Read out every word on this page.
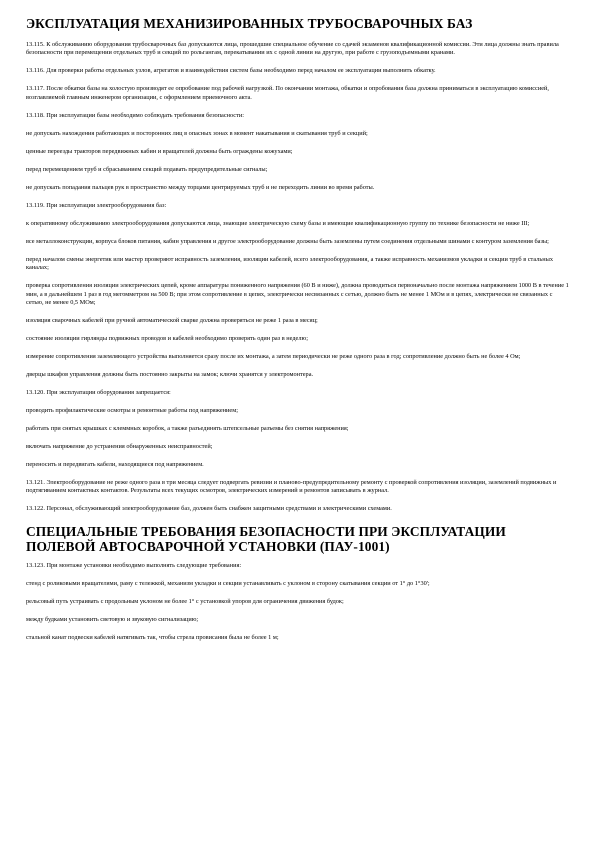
ЭКСПЛУАТАЦИЯ МЕХАНИЗИРОВАННЫХ ТРУБОСВАРОЧНЫХ БАЗ

13.115. К обслуживанию оборудования трубосварочных баз допускаются лица, прошедшие специальное обучение со сдачей экзаменов квалификационной комиссии. Эти лица должны знать правила безопасности при перемещении отдельных труб и секций по рольгангам, перекатывании их с одной линии на другую, при работе с грузоподъемными кранами.

13.116. Для проверки работы отдельных узлов, агрегатов и взаимодействия систем базы необходимо перед началом ее эксплуатации выполнить обкатку.

13.117. После обкатки базы на холостую производят ее опробование под рабочей нагрузкой. По окончании монтажа, обкатки и опробования база должна приниматься в эксплуатацию комиссией, возглавляемой главным инженером организации, с оформлением приемочного акта.

13.118. При эксплуатации базы необходимо соблюдать требования безопасности:

не допускать нахождения работающих и посторонних лиц в опасных зонах в момент накатывания и скатывания труб и секций;

ценные переезды тракторов передвижных кабин и вращателей должны быть ограждены кожухами;

перед перемещением труб и сбрасыванием секций подавать предупредительные сигналы;

не допускать попадания пальцев рук в пространство между торцами центрируемых труб и не переходить линии во время работы.

13.119. При эксплуатации электрооборудования баз:

к оперативному обслуживанию электрооборудования допускаются лица, знающие электрическую схему базы и имеющие квалификационную группу по технике безопасности не ниже III;

все металлоконструкции, корпуса блоков питания, кабин управления и другое электрооборудование должны быть заземлены путем соединения отдельными шинами с контуром заземления базы;

перед началом смены энергетик или мастер проверяют исправность заземления, изоляции кабелей, всего электрооборудования, а также исправность механизмов укладки и секции труб в стальных каналах;

проверка сопротивления изоляции электрических цепей, кроме аппаратуры пониженного напряжения (60 В и ниже), должна проводиться первоначально после монтажа напряжением 1000 В в течение 1 мин, а в дальнейшем 1 раз в год мегомметром на 500 В; при этом сопротивление в цепях, электрически несвязанных с сетью, должно быть не менее 1 МОм и в цепях, электрически не связанных с сетью, не менее 0,5 МОм;

изоляция сварочных кабелей при ручной автоматической сварке должна проверяться не реже 1 раза в месяц;

состояние изоляции гирлянды подвижных проводов и кабелей необходимо проверять один раз в неделю;

измерение сопротивления заземляющего устройства выполняется сразу после их монтажа, а затем периодически не реже одного раза в год; сопротивление должно быть не более 4 Ом;

дверцы шкафов управления должны быть постоянно закрыты на замок; ключи хранятся у электромонтера.

13.120. При эксплуатации оборудования запрещается:

проводить профилактические осмотры и ремонтные работы под напряжением;

работать при снятых крышках с клеммных коробок, а также разъединять штепсельные разъемы без снятия напряжения;

включать напряжение до устранения обнаруженных неисправностей;

переносить и передвигать кабели, находящиеся под напряжением.

13.121. Электрооборудование не реже одного раза в три месяца следует подвергать ревизии и планово-предупредительному ремонту с проверкой сопротивления изоляции, заземлений подвижных и подтягиванием контактных контактов. Результаты всех текущих осмотров, электрических измерений и ремонтов записывать в журнал.

13.122. Персонал, обслуживающий электрооборудование баз, должен быть снабжен защитными средствами и электрическими схемами.

СПЕЦИАЛЬНЫЕ ТРЕБОВАНИЯ БЕЗОПАСНОСТИ ПРИ ЭКСПЛУАТАЦИИ
ПОЛЕВОЙ АВТОСВАРОЧНОЙ УСТАНОВКИ (ПАУ-1001)

13.123. При монтаже установки необходимо выполнять следующие требования:

стенд с роликовыми вращателями, раму с тележкой, механизм укладки и секции устанавливать с уклоном в сторону скатывания секции от 1° до 1°30';

рельсовый путь устраивать с продольным уклоном не более 1° с установкой упоров для ограничения движения будок;

между будками установить световую и звуковую сигнализацию;

стальной канат подвески кабелей натягивать так, чтобы стрела провисания была не более 1 м;
